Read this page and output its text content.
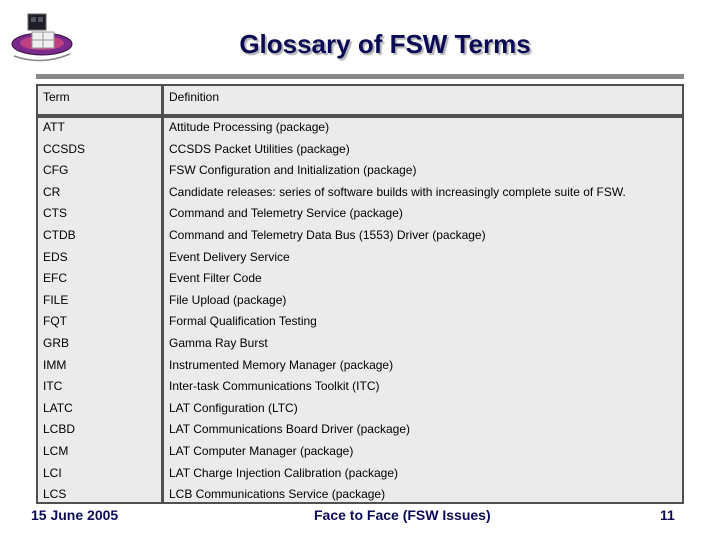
Glossary of FSW Terms
Term	Definition
ATT	Attitude Processing (package)
CCSDS	CCSDS Packet Utilities (package)
CFG	FSW Configuration and Initialization (package)
CR	Candidate releases: series of software builds with increasingly complete suite of FSW.
CTS	Command and Telemetry Service (package)
CTDB	Command and Telemetry Data Bus (1553) Driver (package)
EDS	Event Delivery Service
EFC	Event Filter Code
FILE	File Upload (package)
FQT	Formal Qualification Testing
GRB	Gamma Ray Burst
IMM	Instrumented Memory Manager (package)
ITC	Inter-task Communications Toolkit (ITC)
LATC	LAT Configuration (LTC)
LCBD	LAT Communications Board Driver (package)
LCM	LAT Computer Manager (package)
LCI	LAT Charge Injection Calibration (package)
LCS	LCB Communications Service (package)
15 June 2005	Face to Face (FSW Issues)	11
